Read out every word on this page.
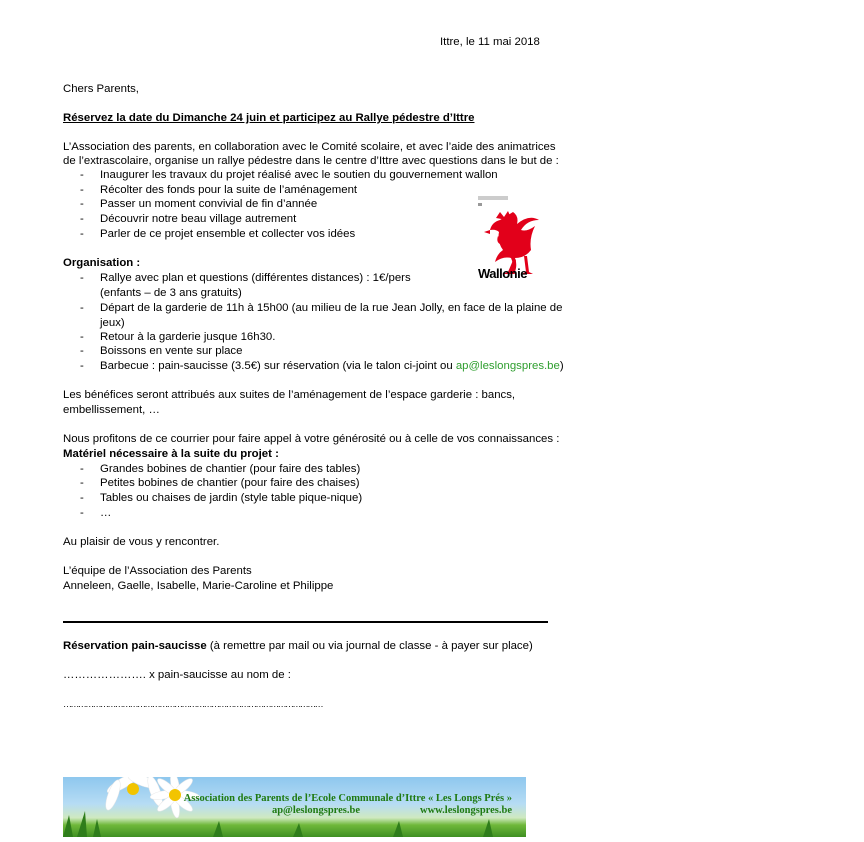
Ittre, le 11 mai 2018
Chers Parents,
Réservez la date du Dimanche 24 juin et participez au Rallye pédestre d’Ittre
L’Association des parents, en collaboration avec le Comité scolaire, et avec l’aide des animatrices
de l’extrascolaire, organise un rallye pédestre dans le centre d’Ittre avec questions dans le but de :
- Inaugurer les travaux du projet réalisé avec le soutien du gouvernement wallon
- Récolter des fonds pour la suite de l’aménagement
- Passer un moment convivial de fin d’année
- Découvrir notre beau village autrement
- Parler de ce projet ensemble et collecter vos idées
Wallonie
Organisation :
- Rallye avec plan et questions (différentes distances) : 1€/pers
(enfants – de 3 ans gratuits)
- Départ de la garderie de 11h à 15h00 (au milieu de la rue Jean Jolly, en face de la plaine de
jeux)
- Retour à la garderie jusque 16h30.
- Boissons en vente sur place
- Barbecue : pain-saucisse (3.5€) sur réservation (via le talon ci-joint ou ap@leslongspres.be)
Les bénéfices seront attribués aux suites de l’aménagement de l’espace garderie : bancs,
embellissement, …
Nous profitons de ce courrier pour faire appel à votre générosité ou à celle de vos connaissances :
Matériel nécessaire à la suite du projet :
- Grandes bobines de chantier (pour faire des tables)
- Petites bobines de chantier (pour faire des chaises)
- Tables ou chaises de jardin (style table pique-nique)
- …
Au plaisir de vous y rencontrer.
L’équipe de l’Association des Parents
Anneleen, Gaelle, Isabelle, Marie-Caroline et Philippe
Réservation pain-saucisse (à remettre par mail ou via journal de classe - à payer sur place)
…………………. x pain-saucisse au nom de :
……………………………………………………………………………………………
Association des Parents de l’Ecole Communale d’Ittre « Les Longs Prés »
ap@leslongspres.be	www.leslongspres.be
